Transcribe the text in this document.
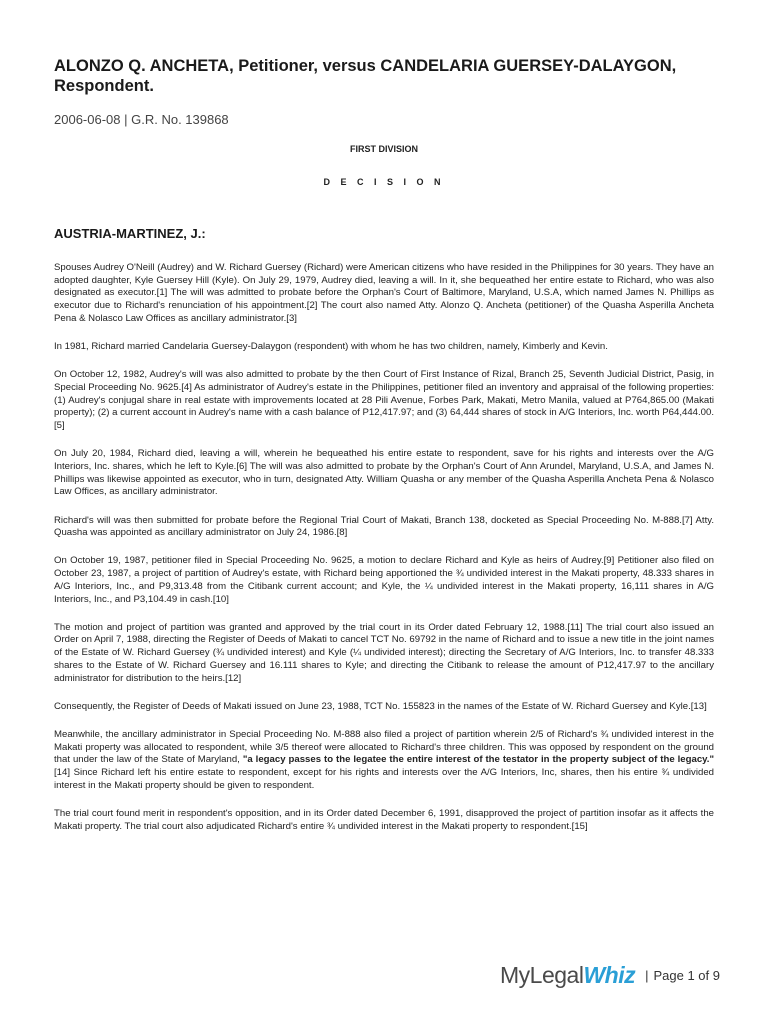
ALONZO Q. ANCHETA, Petitioner, versus CANDELARIA GUERSEY-DALAYGON, Respondent.
2006-06-08 | G.R. No. 139868
FIRST DIVISION
D E C I S I O N
AUSTRIA-MARTINEZ, J.:

Spouses Audrey O'Neill (Audrey) and W. Richard Guersey (Richard) were American citizens who have resided in the Philippines for 30 years. They have an adopted daughter, Kyle Guersey Hill (Kyle). On July 29, 1979, Audrey died, leaving a will. In it, she bequeathed her entire estate to Richard, who was also designated as executor.[1] The will was admitted to probate before the Orphan's Court of Baltimore, Maryland, U.S.A, which named James N. Phillips as executor due to Richard's renunciation of his appointment.[2] The court also named Atty. Alonzo Q. Ancheta (petitioner) of the Quasha Asperilla Ancheta Pena & Nolasco Law Offices as ancillary administrator.[3]

In 1981, Richard married Candelaria Guersey-Dalaygon (respondent) with whom he has two children, namely, Kimberly and Kevin.

On October 12, 1982, Audrey's will was also admitted to probate by the then Court of First Instance of Rizal, Branch 25, Seventh Judicial District, Pasig, in Special Proceeding No. 9625.[4] As administrator of Audrey's estate in the Philippines, petitioner filed an inventory and appraisal of the following properties: (1) Audrey's conjugal share in real estate with improvements located at 28 Pili Avenue, Forbes Park, Makati, Metro Manila, valued at P764,865.00 (Makati property); (2) a current account in Audrey's name with a cash balance of P12,417.97; and (3) 64,444 shares of stock in A/G Interiors, Inc. worth P64,444.00.[5]

On July 20, 1984, Richard died, leaving a will, wherein he bequeathed his entire estate to respondent, save for his rights and interests over the A/G Interiors, Inc. shares, which he left to Kyle.[6] The will was also admitted to probate by the Orphan's Court of Ann Arundel, Maryland, U.S.A, and James N. Phillips was likewise appointed as executor, who in turn, designated Atty. William Quasha or any member of the Quasha Asperilla Ancheta Pena & Nolasco Law Offices, as ancillary administrator.

Richard's will was then submitted for probate before the Regional Trial Court of Makati, Branch 138, docketed as Special Proceeding No. M-888.[7] Atty. Quasha was appointed as ancillary administrator on July 24, 1986.[8]

On October 19, 1987, petitioner filed in Special Proceeding No. 9625, a motion to declare Richard and Kyle as heirs of Audrey.[9] Petitioner also filed on October 23, 1987, a project of partition of Audrey's estate, with Richard being apportioned the ¾ undivided interest in the Makati property, 48.333 shares in A/G Interiors, Inc., and P9,313.48 from the Citibank current account; and Kyle, the ¼ undivided interest in the Makati property, 16,111 shares in A/G Interiors, Inc., and P3,104.49 in cash.[10]

The motion and project of partition was granted and approved by the trial court in its Order dated February 12, 1988.[11] The trial court also issued an Order on April 7, 1988, directing the Register of Deeds of Makati to cancel TCT No. 69792 in the name of Richard and to issue a new title in the joint names of the Estate of W. Richard Guersey (¾ undivided interest) and Kyle (¼ undivided interest); directing the Secretary of A/G Interiors, Inc. to transfer 48.333 shares to the Estate of W. Richard Guersey and 16.111 shares to Kyle; and directing the Citibank to release the amount of P12,417.97 to the ancillary administrator for distribution to the heirs.[12]

Consequently, the Register of Deeds of Makati issued on June 23, 1988, TCT No. 155823 in the names of the Estate of W. Richard Guersey and Kyle.[13]

Meanwhile, the ancillary administrator in Special Proceeding No. M-888 also filed a project of partition wherein 2/5 of Richard's ¾ undivided interest in the Makati property was allocated to respondent, while 3/5 thereof were allocated to Richard's three children. This was opposed by respondent on the ground that under the law of the State of Maryland, "a legacy passes to the legatee the entire interest of the testator in the property subject of the legacy."[14] Since Richard left his entire estate to respondent, except for his rights and interests over the A/G Interiors, Inc, shares, then his entire ¾ undivided interest in the Makati property should be given to respondent.

The trial court found merit in respondent's opposition, and in its Order dated December 6, 1991, disapproved the project of partition insofar as it affects the Makati property. The trial court also adjudicated Richard's entire ¾ undivided interest in the Makati property to respondent.[15]

MyLegalWhiz | Page 1 of 9
